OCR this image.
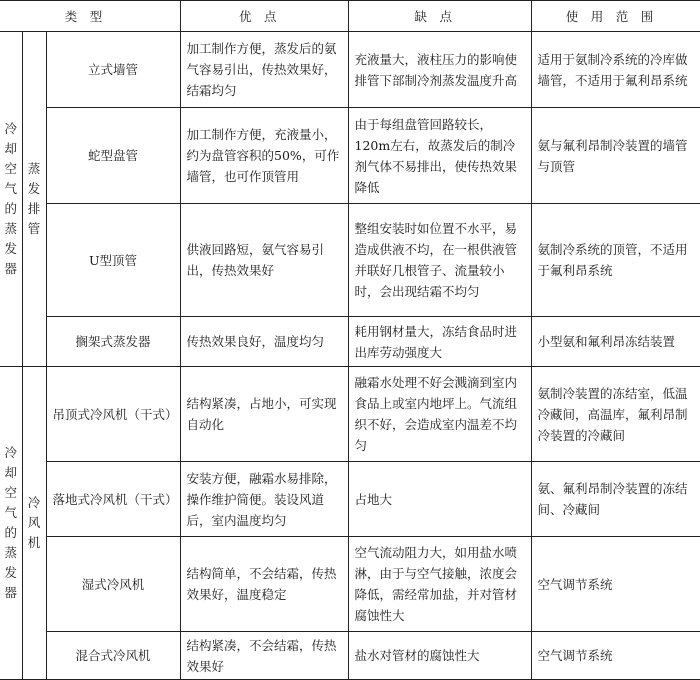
类型			优点	缺点	使用范围

冷却空气的蒸发器	蒸发排管	立式墙管	加工制作方便，蒸发后的氨气容易引出，传热效果好，结霜均匀	充液量大，液柱压力的影响使排管下部制冷剂蒸发温度升高	适用于氨制冷系统的冷库做墙管，不适用于氟利昂系统
		蛇型盘管	加工制作方便，充液量小，约为盘管容积的50%，可作墙管，也可作顶管用	由于每组盘管回路较长，120m左右，故蒸发后的制冷剂气体不易排出，使传热效果降低	氨与氟利昂制冷装置的墙管与顶管
		U型顶管	供液回路短，氨气容易引出，传热效果好	整组安装时如位置不水平，易造成供液不均，在一根供液管并联好几根管子、流量较小时，会出现结霜不均匀	氨制冷系统的顶管，不适用于氟利昂系统
		搁架式蒸发器	传热效果良好，温度均匀	耗用钢材量大，冻结食品时进出库劳动强度大	小型氨和氟利昂冻结装置

冷却空气的蒸发器	冷风机	吊顶式冷风机（干式）	结构紧凑，占地小，可实现自动化	融霜水处理不好会溅滴到室内食品上或室内地坪上。气流组织不好，会造成室内温差不均匀	氨制冷装置的冻结室，低温冷藏间，高温库，氟利昂制冷装置的冷藏间
		落地式冷风机（干式）	安装方便，融霜水易排除，操作维护简便。装设风道后，室内温度均匀	占地大	氨、氟利昂制冷装置的冻结间、冷藏间
		湿式冷风机	结构简单，不会结霜，传热效果好，温度稳定	空气流动阻力大，如用盐水喷淋，由于与空气接触，浓度会降低，需经常加盐，并对管材腐蚀性大	空气调节系统
		混合式冷风机	结构紧凑，不会结霜，传热效果好	盐水对管材的腐蚀性大	空气调节系统
